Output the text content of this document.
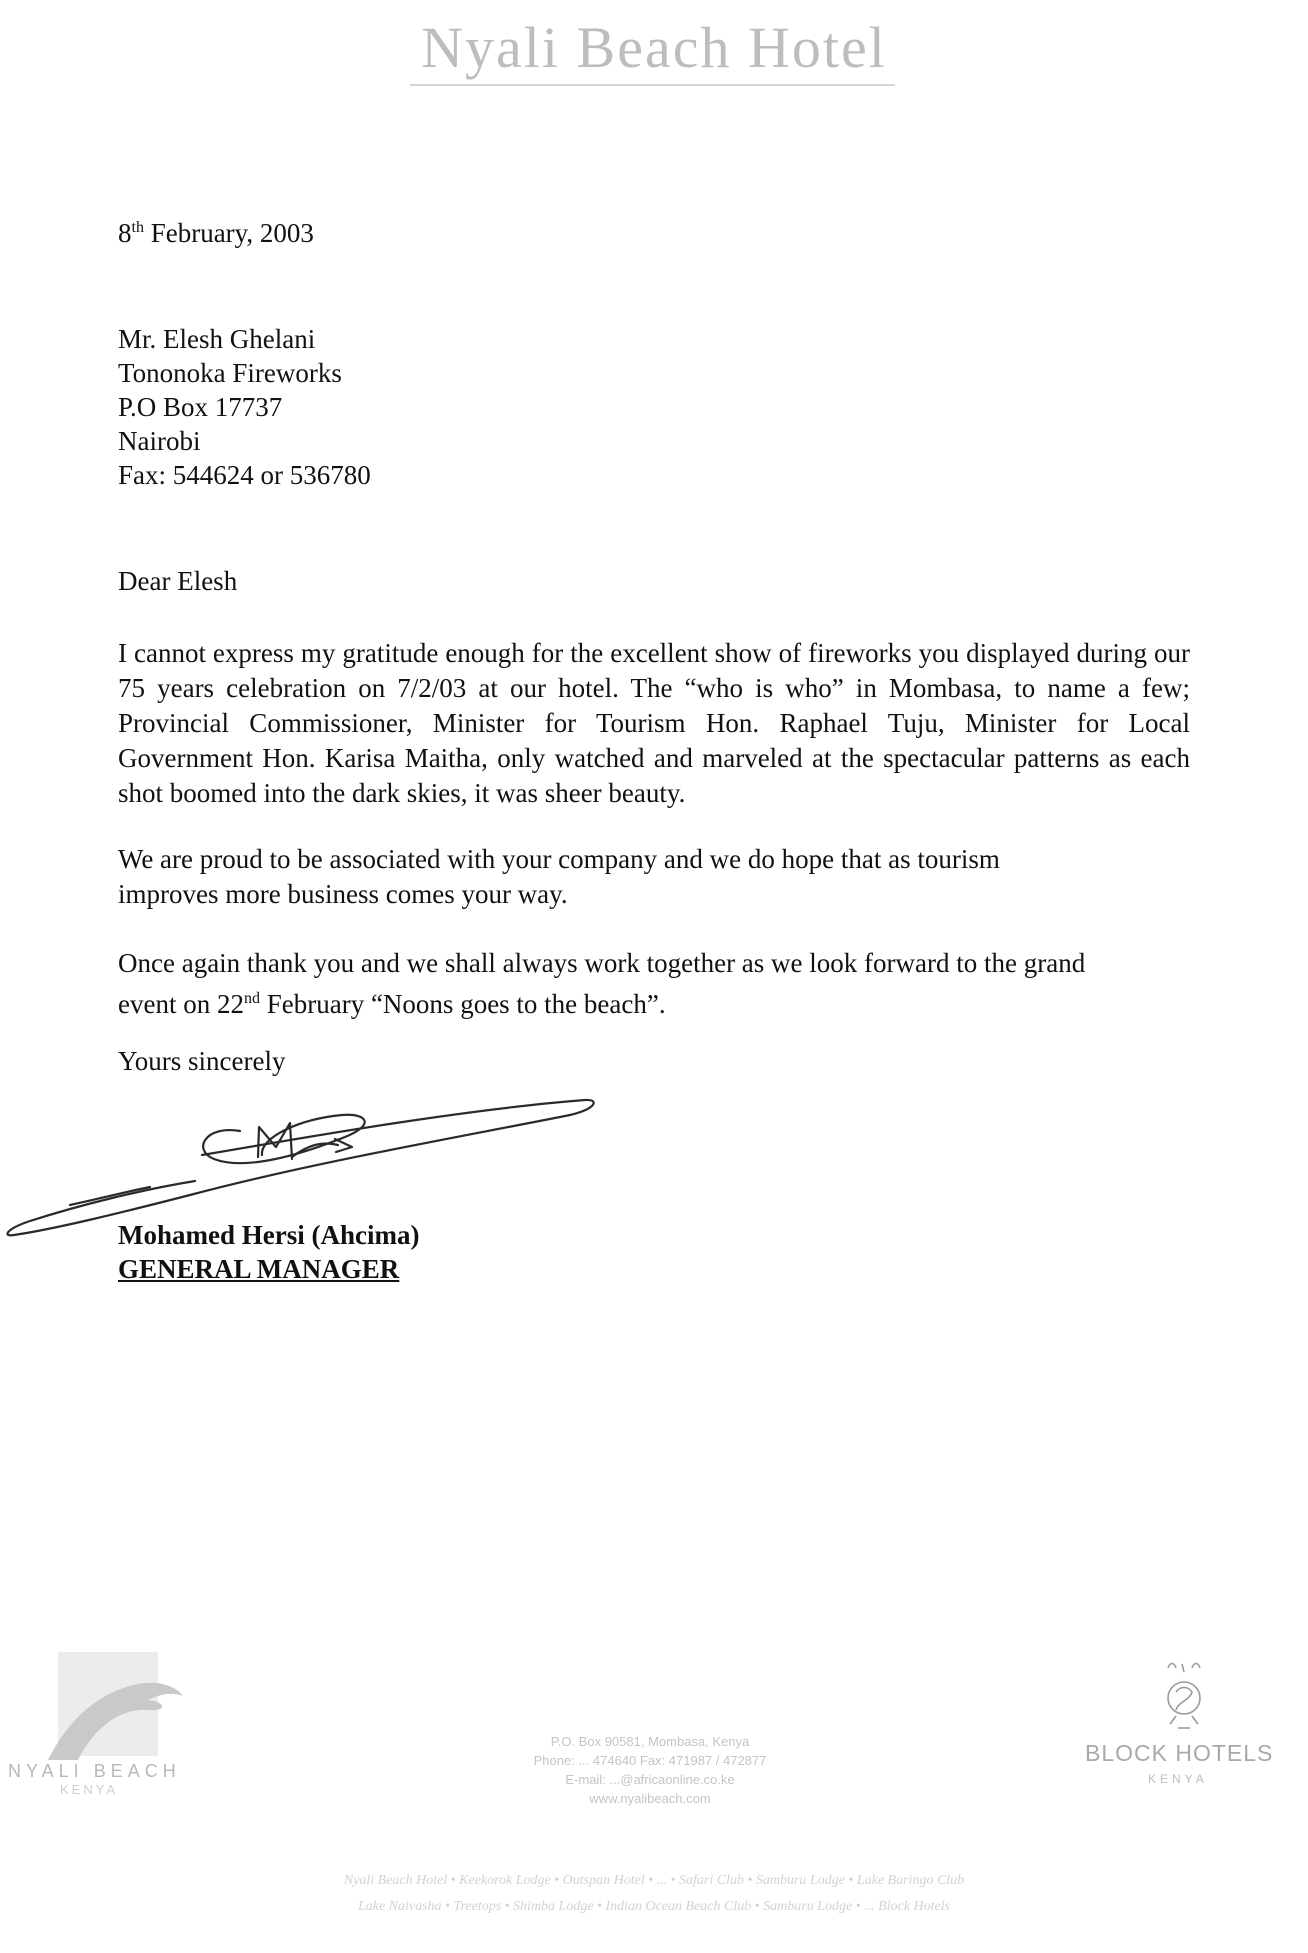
Nyali Beach Hotel
8th February, 2003
Mr. Elesh Ghelani
Tononoka Fireworks
P.O Box 17737
Nairobi
Fax: 544624 or 536780
Dear Elesh
I cannot express my gratitude enough for the excellent show of fireworks you displayed during our 75 years celebration on 7/2/03 at our hotel. The “who is who” in Mombasa, to name a few; Provincial Commissioner, Minister for Tourism Hon. Raphael Tuju, Minister for Local Government Hon. Karisa Maitha, only watched and marveled at the spectacular patterns as each shot boomed into the dark skies, it was sheer beauty.
We are proud to be associated with your company and we do hope that as tourism
improves more business comes your way.
Once again thank you and we shall always work together as we look forward to the grand
event on 22nd February “Noons goes to the beach”.
Yours sincerely
Mohamed Hersi (Ahcima)
GENERAL MANAGER
NYALI BEACH
KENYA
P.O. Box 90581, Mombasa, Kenya
Phone: ... 474640 Fax: 471987 / 472877
E-mail: ...@africaonline.co.ke
www.nyalibeach.com
BLOCK HOTELS
KENYA
Nyali Beach Hotel • Keekorok Lodge • Outspan Hotel • ... • Safari Club • Samburu Lodge • Lake Baringo Club
Lake Naivasha • Treetops • Shimba Lodge • Indian Ocean Beach Club • Samburu Lodge • ... Block Hotels
